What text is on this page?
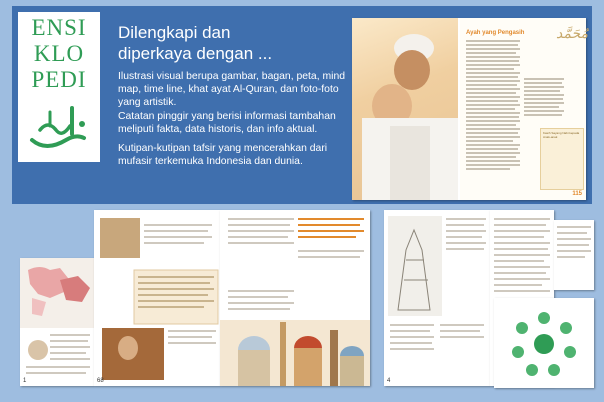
ENSI
KLO
PEDI
Dilengkapi dan
diperkaya dengan ...
Ilustrasi visual berupa gambar, bagan, peta, mind map, time line, khat ayat Al-Quran, dan foto-foto yang artistik.
Catatan pinggir yang berisi informasi tambahan meliputi fakta, data historis, dan info aktual.
Kutipan-kutipan tafsir yang mencerahkan dari mufasir terkemuka Indonesia dan dunia.
Ayah yang Pengasih
Kasih Sayang Nabi kepada Anak-anak
مُحَمَّد
115
1	68	4
